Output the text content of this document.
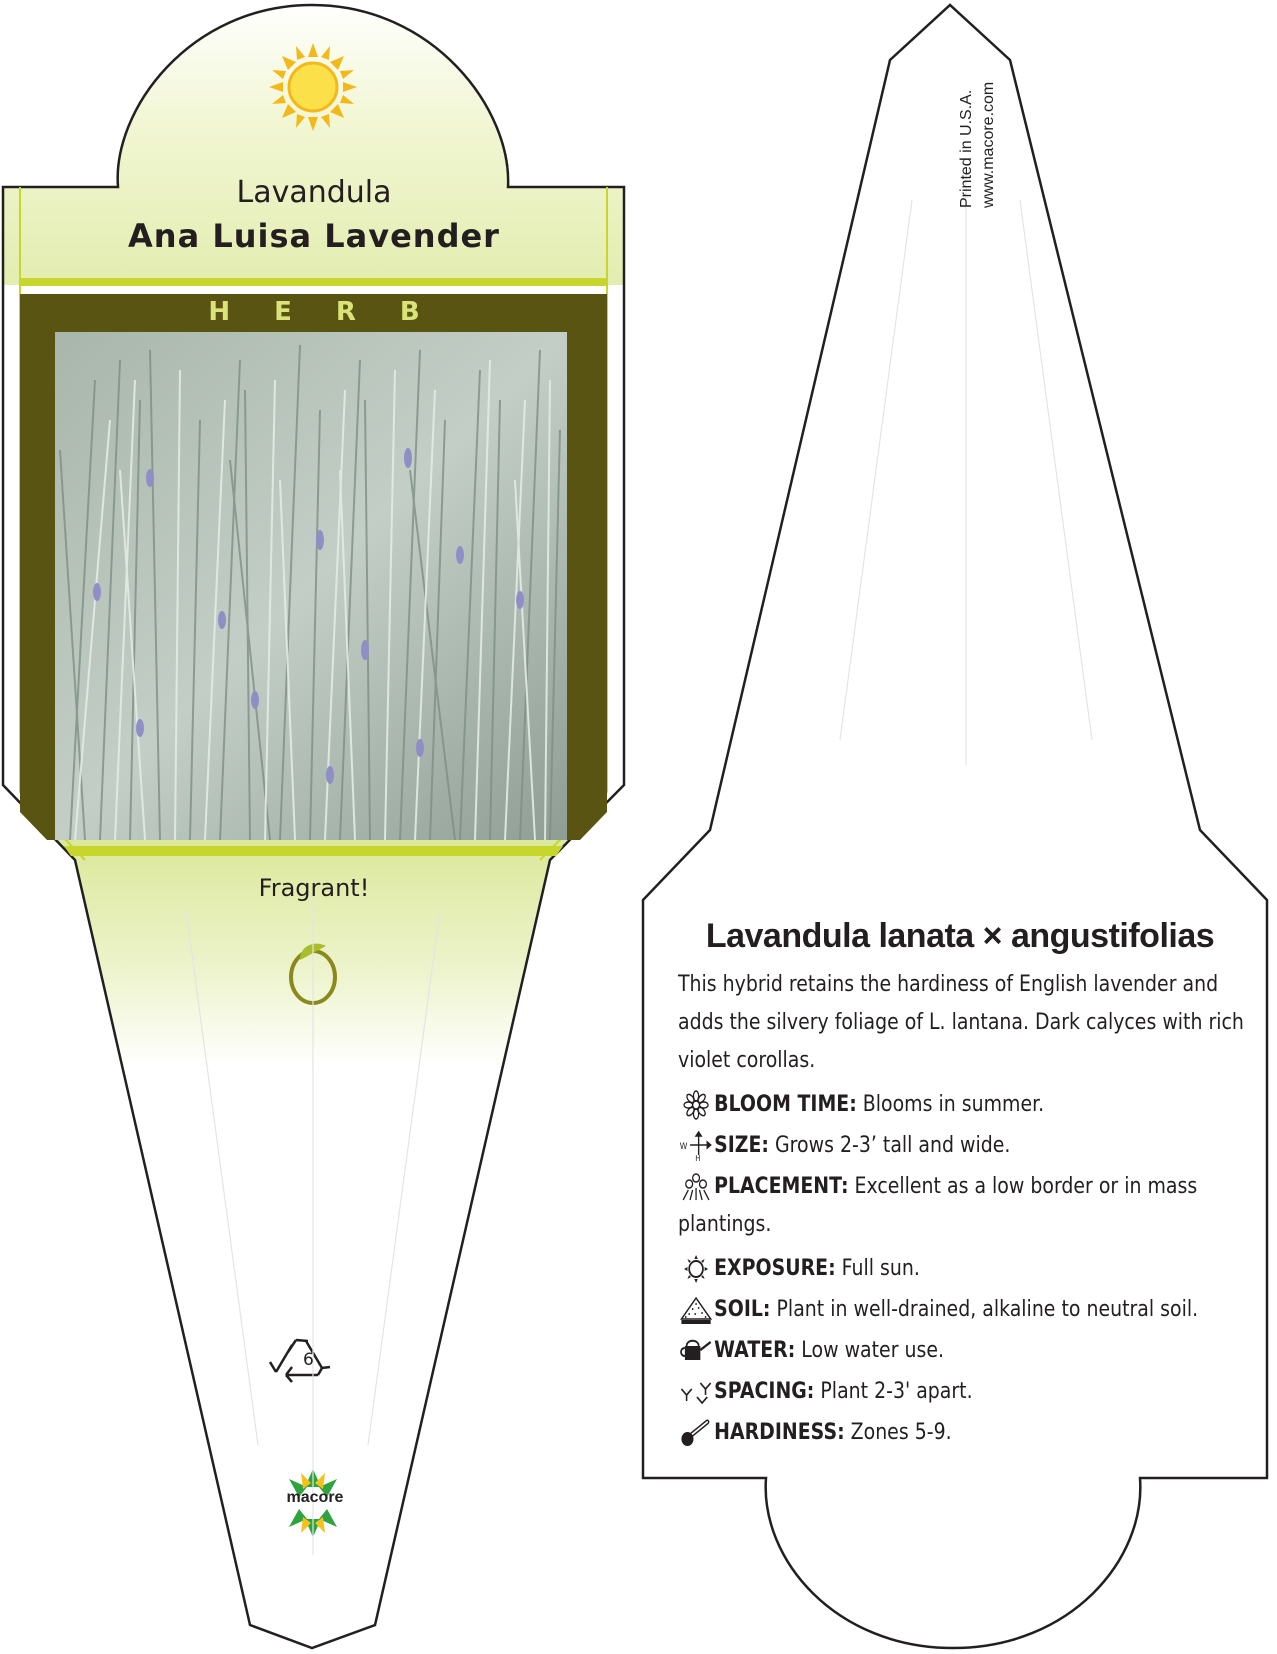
Lavandula

Ana Luisa Lavender

HERB

Fragrant!

6

macore

Printed in U.S.A. www.macore.com

Lavandula lanata × angustifolias

This hybrid retains the hardiness of English lavender and adds the silvery foliage of L. lantana. Dark calyces with rich violet corollas.

BLOOM TIME: Blooms in summer.
W
H
SIZE: Grows 2-3’ tall and wide.
PLACEMENT: Excellent as a low border or in mass plantings.
EXPOSURE: Full sun.
SOIL: Plant in well-drained, alkaline to neutral soil.
WATER: Low water use.
SPACING: Plant 2-3' apart.
HARDINESS: Zones 5-9.
